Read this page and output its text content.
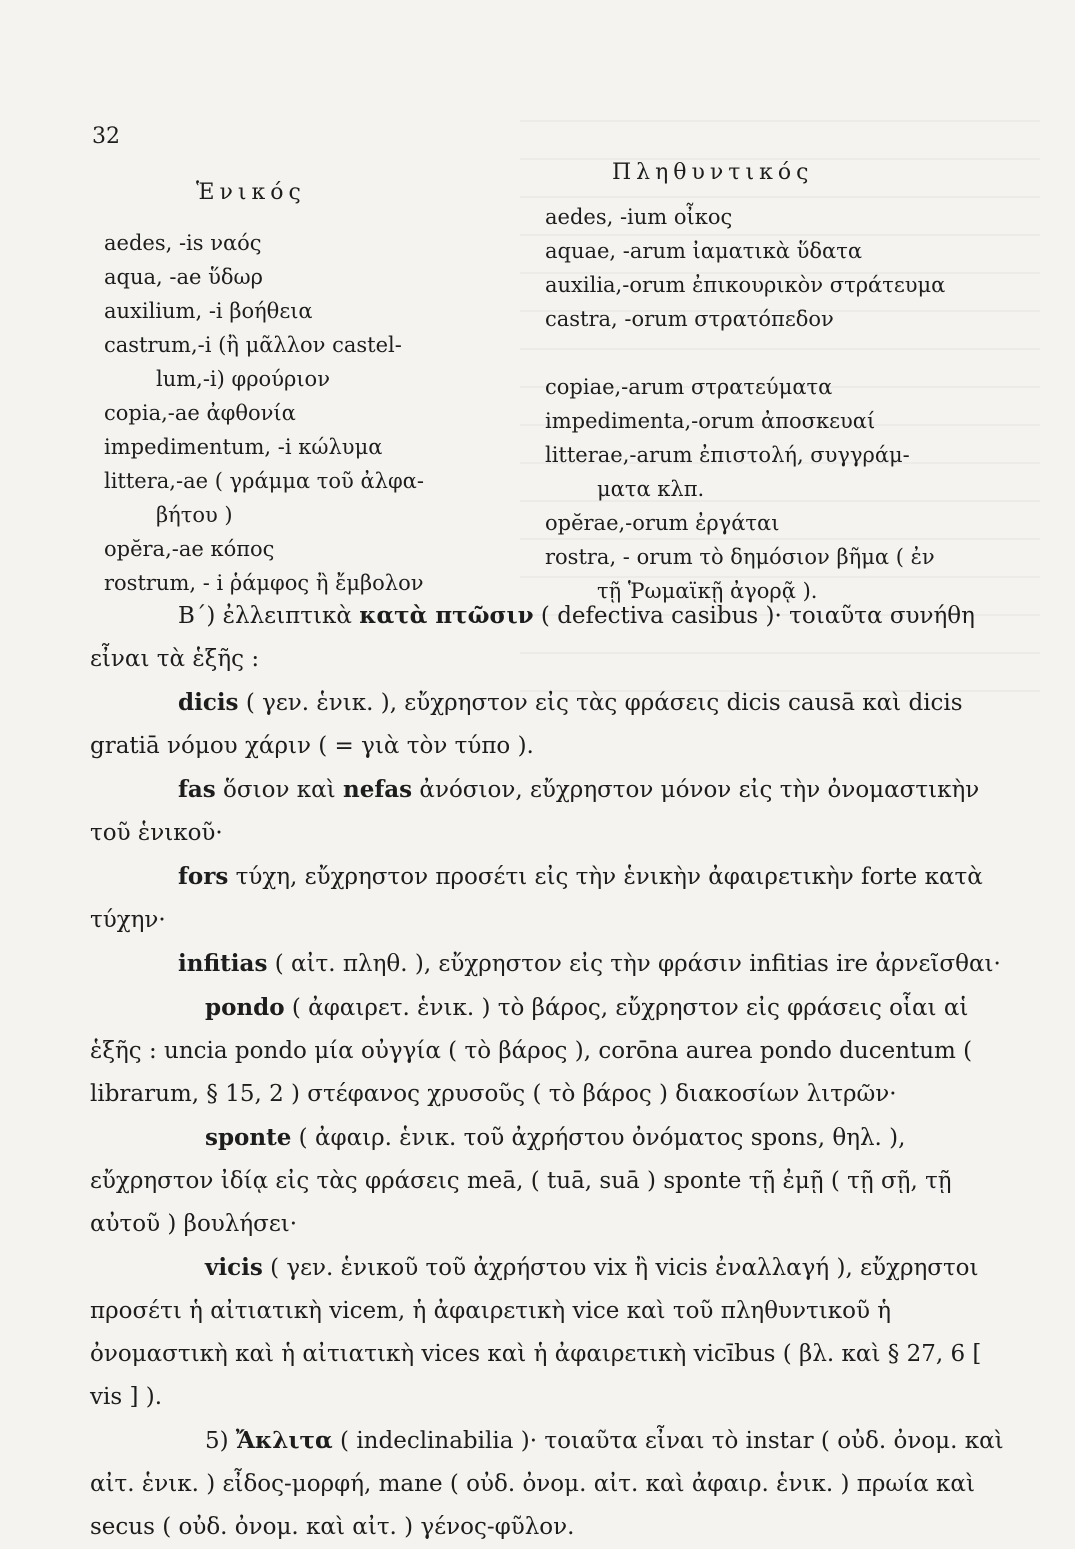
32
Ἑνικός
Πληθυντικός
aedes, -is ναός
aqua, -ae ὕδωρ
auxilium, -i βοήθεια
castrum,-i (ἢ μᾶλλον castel-
lum,-i) φρούριον
copia,-ae ἀφθονία
impedimentum, -i κώλυμα
littera,-ae ( γράμμα τοῦ ἀλφα-
βήτου )
opĕra,-ae κόπος
rostrum, - i ῥάμφος ἢ ἔμβολον
aedes, -ium οἶκος
aquae, -arum ἰαματικὰ ὕδατα
auxilia,-orum ἐπικουρικὸν στράτευμα
castra, -orum στρατόπεδον

copiae,-arum στρατεύματα
impedimenta,-orum ἀποσκευαί
litterae,-arum ἐπιστολή, συγγράμ-
ματα κλπ.
opĕrae,-orum ἐργάται
rostra, - orum τὸ δημόσιον βῆμα ( ἐν
τῇ Ῥωμαϊκῇ ἀγορᾷ ).
Β΄) ἐλλειπτικὰ κατὰ πτῶσιν ( defectiva casibus )· τοιαῦτα συνήθη εἶναι τὰ ἑξῆς :
dicis ( γεν. ἑνικ. ), εὔχρηστον εἰς τὰς φράσεις dicis causā καὶ dicis gratiā νόμου χάριν ( = γιὰ τὸν τύπο ).
fas ὅσιον καὶ nefas ἀνόσιον, εὔχρηστον μόνον εἰς τὴν ὀνομαστικὴν τοῦ ἑνικοῦ·
fors τύχη, εὔχρηστον προσέτι εἰς τὴν ἑνικὴν ἀφαιρετικὴν forte κατὰ τύχην·
infitias ( αἰτ. πληθ. ), εὔχρηστον εἰς τὴν φράσιν infitias ire ἀρνεῖσθαι·
pondo ( ἀφαιρετ. ἑνικ. ) τὸ βάρος, εὔχρηστον εἰς φράσεις οἷαι αἱ ἑξῆς : uncia pondo μία οὐγγία ( τὸ βάρος ), corōna aurea pondo ducentum ( librarum, § 15, 2 ) στέφανος χρυσοῦς ( τὸ βάρος ) διακοσίων λιτρῶν·
sponte ( ἀφαιρ. ἑνικ. τοῦ ἀχρήστου ὀνόματος spons, θηλ. ), εὔχρηστον ἰδίᾳ εἰς τὰς φράσεις meā, ( tuā, suā ) sponte τῇ ἐμῇ ( τῇ σῇ, τῇ αὐτοῦ ) βουλήσει·
vicis ( γεν. ἑνικοῦ τοῦ ἀχρήστου vix ἢ vicis ἐναλλαγή ), εὔχρηστοι προσέτι ἡ αἰτιατικὴ vicem, ἡ ἀφαιρετικὴ vice καὶ τοῦ πληθυντικοῦ ἡ ὀνομαστικὴ καὶ ἡ αἰτιατικὴ vices καὶ ἡ ἀφαιρετικὴ vicībus ( βλ. καὶ § 27, 6 [ vis ] ).
5) Ἄκλιτα ( indeclinabilia )· τοιαῦτα εἶναι τὸ instar ( οὐδ. ὀνομ. καὶ αἰτ. ἑνικ. ) εἶδος-μορφή, mane ( οὐδ. ὀνομ. αἰτ. καὶ ἀφαιρ. ἑνικ. ) πρωία καὶ secus ( οὐδ. ὀνομ. καὶ αἰτ. ) γένος-φῦλον.
